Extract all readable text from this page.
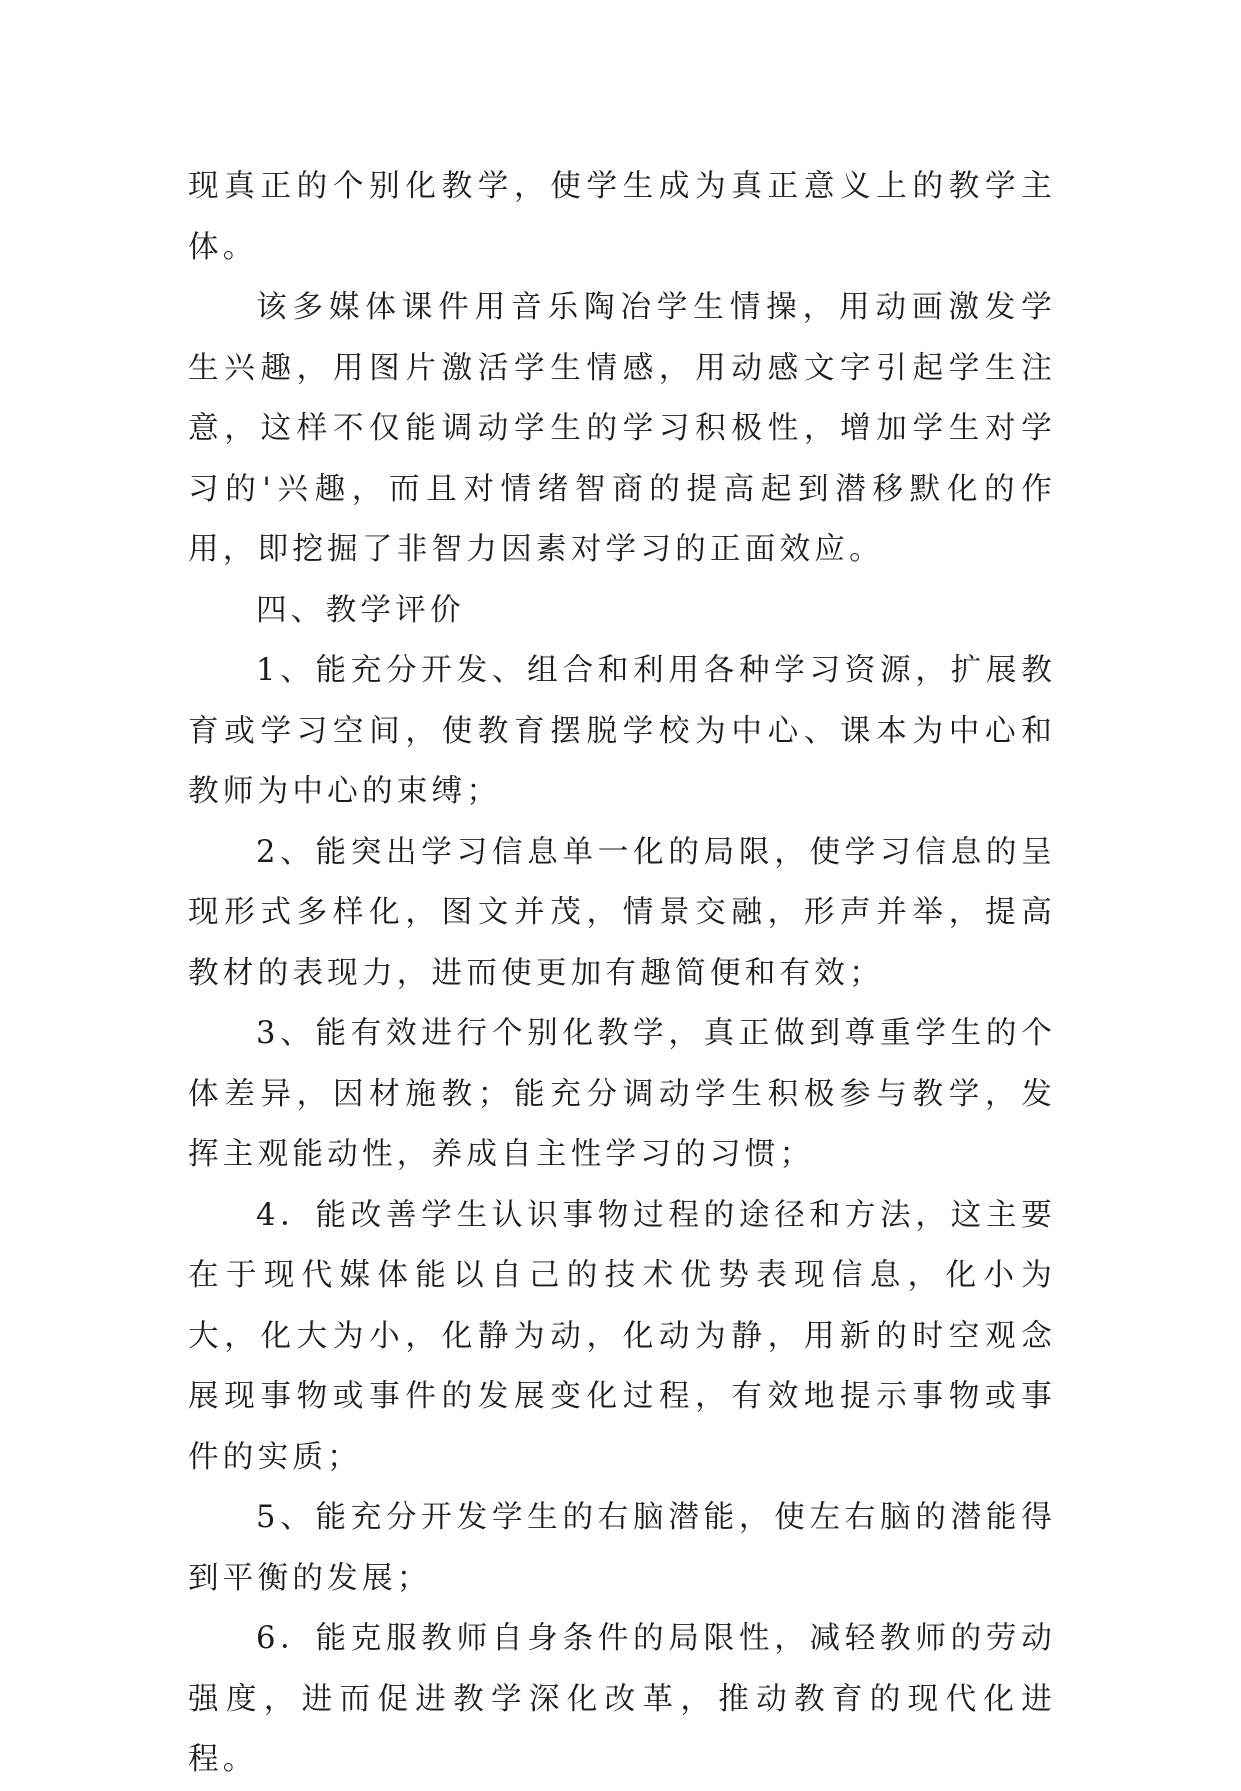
现真正的个别化教学，使学生成为真正意义上的教学主体。

该多媒体课件用音乐陶冶学生情操，用动画激发学生兴趣，用图片激活学生情感，用动感文字引起学生注意，这样不仅能调动学生的学习积极性，增加学生对学习的'兴趣，而且对情绪智商的提高起到潜移默化的作用，即挖掘了非智力因素对学习的正面效应。

四、教学评价

1、能充分开发、组合和利用各种学习资源，扩展教育或学习空间，使教育摆脱学校为中心、课本为中心和教师为中心的束缚；

2、能突出学习信息单一化的局限，使学习信息的呈现形式多样化，图文并茂，情景交融，形声并举，提高教材的表现力，进而使更加有趣简便和有效；

3、能有效进行个别化教学，真正做到尊重学生的个体差异，因材施教；能充分调动学生积极参与教学，发挥主观能动性，养成自主性学习的习惯；

4．能改善学生认识事物过程的途径和方法，这主要在于现代媒体能以自己的技术优势表现信息，化小为大，化大为小，化静为动，化动为静，用新的时空观念展现事物或事件的发展变化过程，有效地提示事物或事件的实质；

5、能充分开发学生的右脑潜能，使左右脑的潜能得到平衡的发展；

6．能克服教师自身条件的局限性，减轻教师的劳动强度，进而促进教学深化改革，推动教育的现代化进程。
